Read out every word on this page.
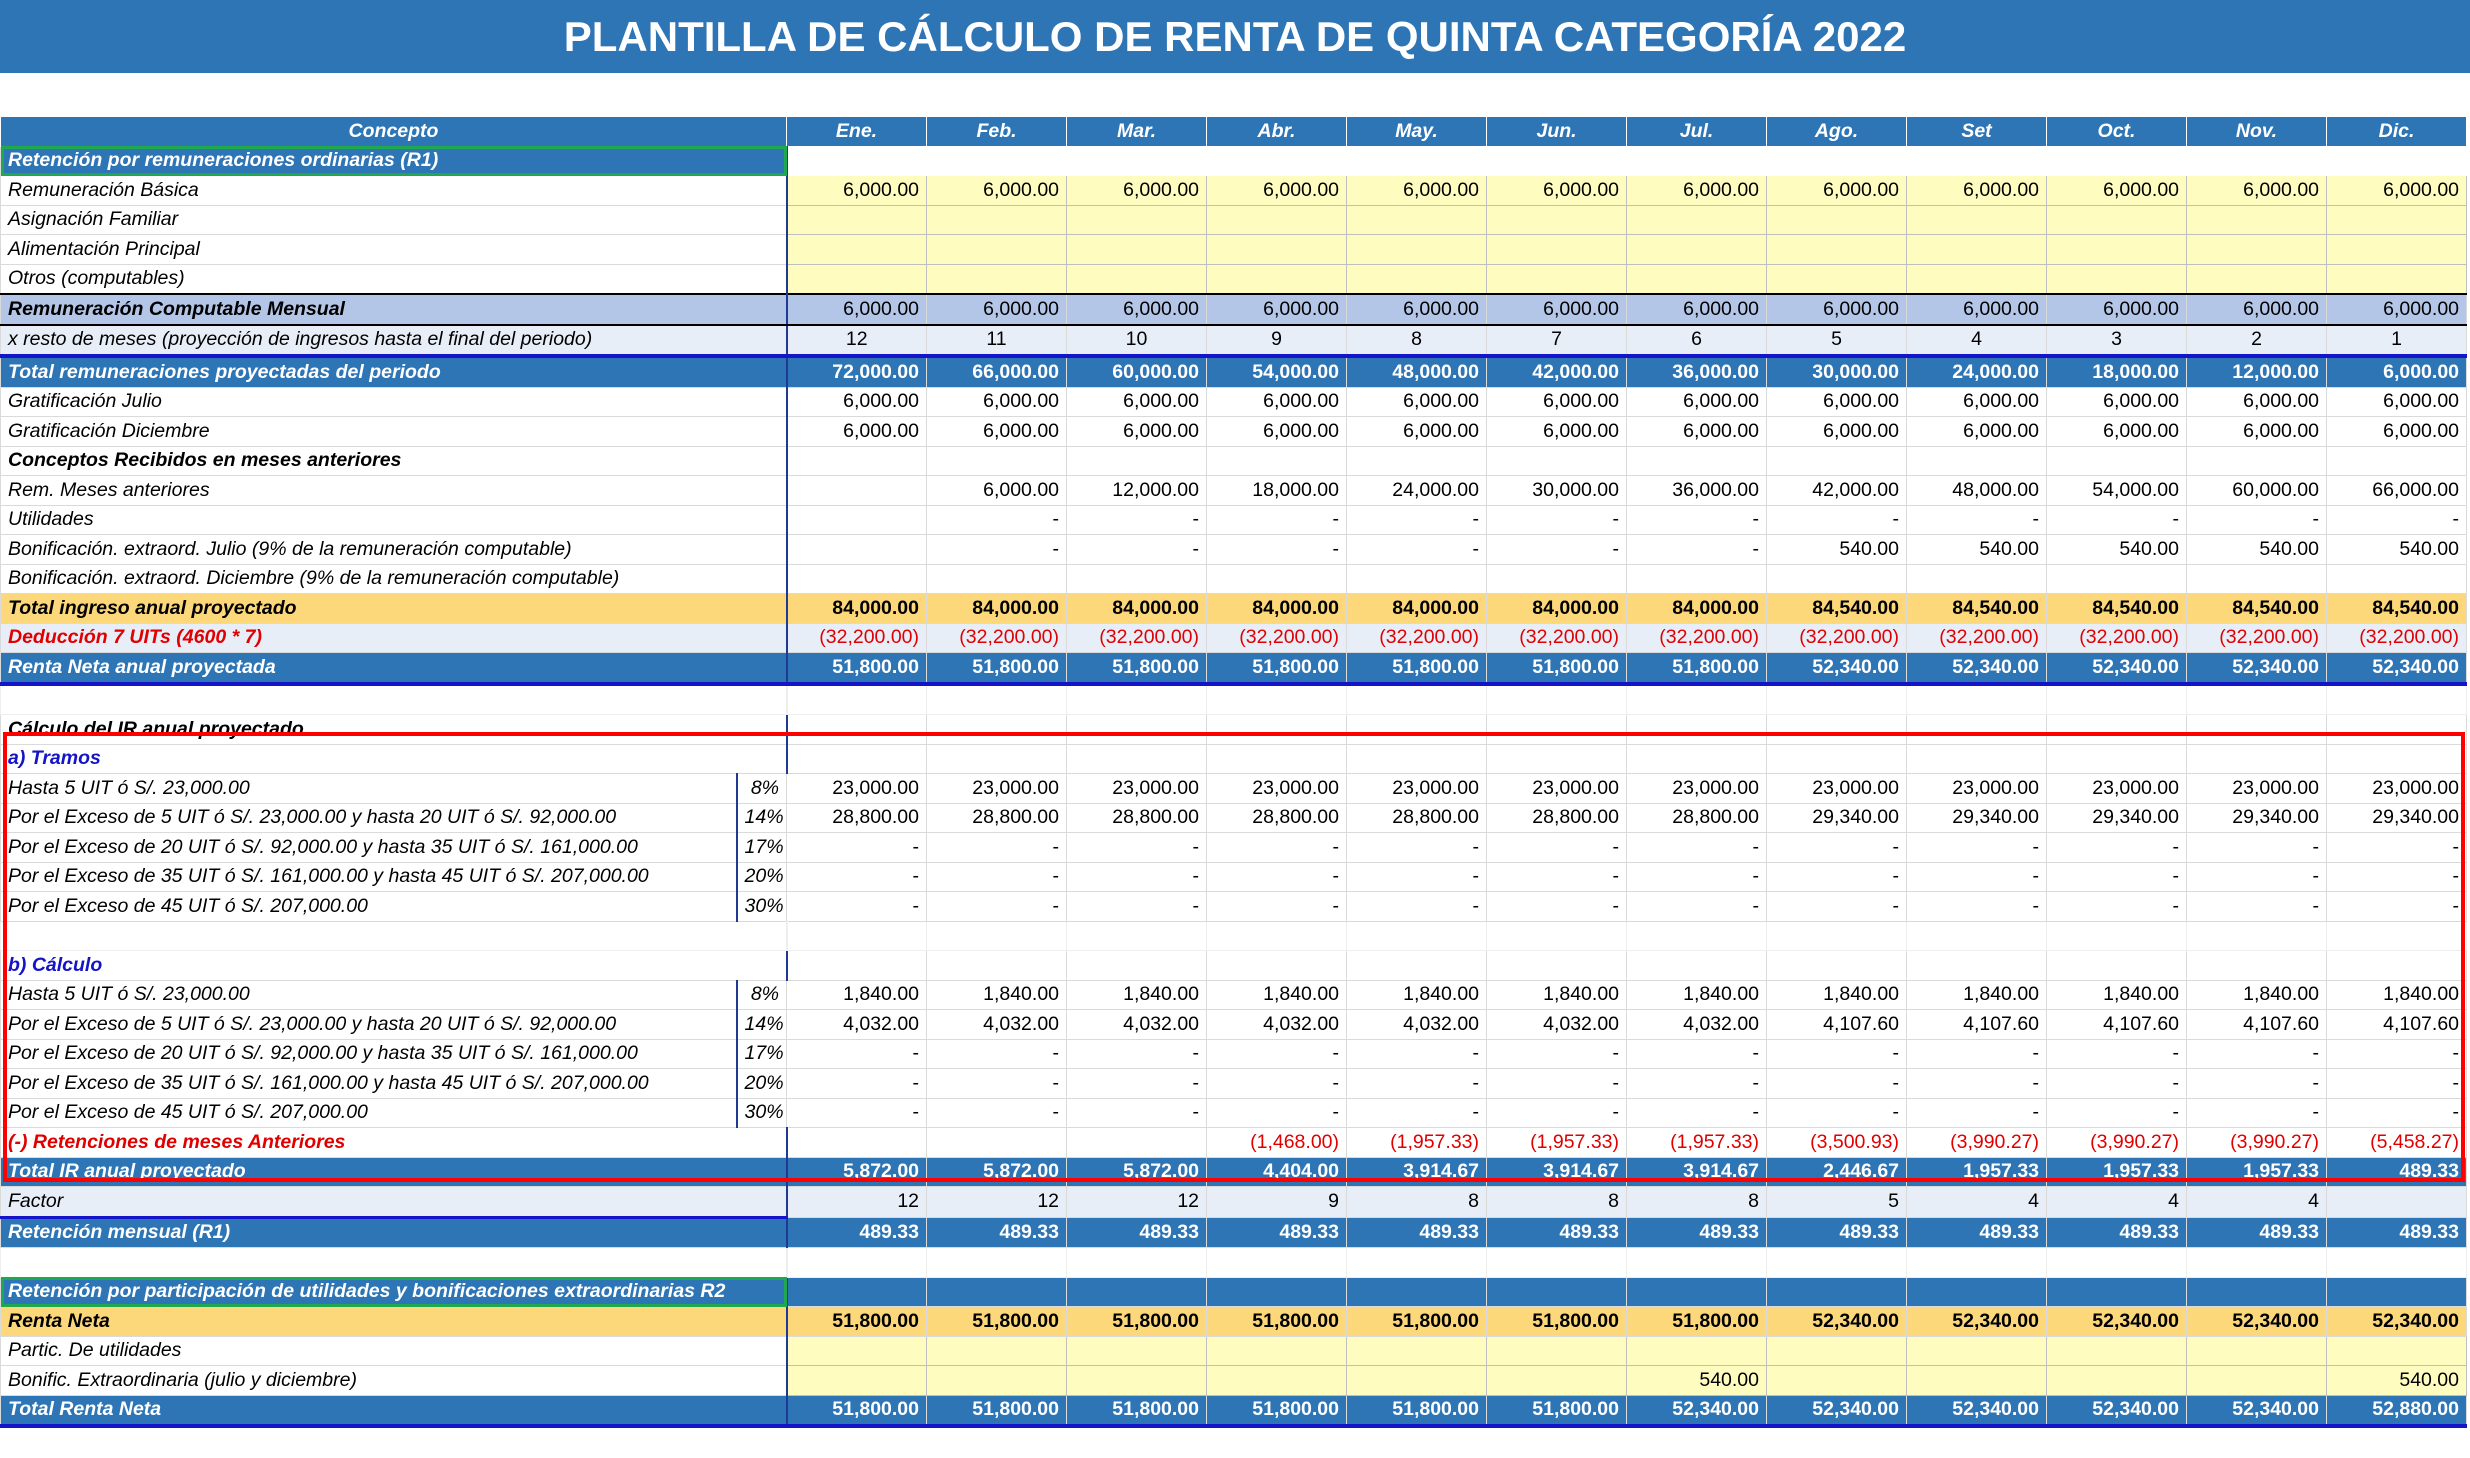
PLANTILLA DE CÁLCULO DE RENTA DE QUINTA CATEGORÍA 2022
Concepto		Ene.	Feb.	Mar.	Abr.	May.	Jun.	Jul.	Ago.	Set	Oct.	Nov.	Dic.
Retención por remuneraciones ordinarias (R1)													
Remuneración Básica		6,000.00	6,000.00	6,000.00	6,000.00	6,000.00	6,000.00	6,000.00	6,000.00	6,000.00	6,000.00	6,000.00	6,000.00
Asignación Familiar													
Alimentación Principal													
Otros (computables)													
Remuneración Computable Mensual		6,000.00	6,000.00	6,000.00	6,000.00	6,000.00	6,000.00	6,000.00	6,000.00	6,000.00	6,000.00	6,000.00	6,000.00
x resto de meses (proyección de ingresos hasta el final del periodo)		12	11	10	9	8	7	6	5	4	3	2	1
Total remuneraciones proyectadas del periodo		72,000.00	66,000.00	60,000.00	54,000.00	48,000.00	42,000.00	36,000.00	30,000.00	24,000.00	18,000.00	12,000.00	6,000.00
Gratificación Julio		6,000.00	6,000.00	6,000.00	6,000.00	6,000.00	6,000.00	6,000.00	6,000.00	6,000.00	6,000.00	6,000.00	6,000.00
Gratificación Diciembre		6,000.00	6,000.00	6,000.00	6,000.00	6,000.00	6,000.00	6,000.00	6,000.00	6,000.00	6,000.00	6,000.00	6,000.00
Conceptos Recibidos en meses anteriores													
Rem. Meses anteriores			6,000.00	12,000.00	18,000.00	24,000.00	30,000.00	36,000.00	42,000.00	48,000.00	54,000.00	60,000.00	66,000.00
Utilidades			-	-	-	-	-	-	-	-	-	-	-
Bonificación. extraord. Julio (9% de la remuneración computable)			-	-	-	-	-	-	540.00	540.00	540.00	540.00	540.00
Bonificación. extraord. Diciembre (9% de la remuneración computable)													
Total ingreso anual proyectado		84,000.00	84,000.00	84,000.00	84,000.00	84,000.00	84,000.00	84,000.00	84,540.00	84,540.00	84,540.00	84,540.00	84,540.00
Deducción 7 UITs (4600 * 7)		(32,200.00)	(32,200.00)	(32,200.00)	(32,200.00)	(32,200.00)	(32,200.00)	(32,200.00)	(32,200.00)	(32,200.00)	(32,200.00)	(32,200.00)	(32,200.00)
Renta Neta anual proyectada		51,800.00	51,800.00	51,800.00	51,800.00	51,800.00	51,800.00	51,800.00	52,340.00	52,340.00	52,340.00	52,340.00	52,340.00

Cálculo del IR anual proyectado													
a) Tramos													
Hasta 5 UIT ó S/. 23,000.00	8%	23,000.00	23,000.00	23,000.00	23,000.00	23,000.00	23,000.00	23,000.00	23,000.00	23,000.00	23,000.00	23,000.00	23,000.00
Por el Exceso de 5 UIT ó S/. 23,000.00 y hasta 20 UIT ó S/. 92,000.00	14%	28,800.00	28,800.00	28,800.00	28,800.00	28,800.00	28,800.00	28,800.00	29,340.00	29,340.00	29,340.00	29,340.00	29,340.00
Por el Exceso de 20 UIT ó S/. 92,000.00 y hasta 35 UIT ó S/. 161,000.00	17%	-	-	-	-	-	-	-	-	-	-	-	-
Por el Exceso de 35 UIT ó S/. 161,000.00 y hasta 45 UIT ó S/. 207,000.00	20%	-	-	-	-	-	-	-	-	-	-	-	-
Por el Exceso de 45 UIT ó S/. 207,000.00	30%	-	-	-	-	-	-	-	-	-	-	-	-

b) Cálculo													
Hasta 5 UIT ó S/. 23,000.00	8%	1,840.00	1,840.00	1,840.00	1,840.00	1,840.00	1,840.00	1,840.00	1,840.00	1,840.00	1,840.00	1,840.00	1,840.00
Por el Exceso de 5 UIT ó S/. 23,000.00 y hasta 20 UIT ó S/. 92,000.00	14%	4,032.00	4,032.00	4,032.00	4,032.00	4,032.00	4,032.00	4,032.00	4,107.60	4,107.60	4,107.60	4,107.60	4,107.60
Por el Exceso de 20 UIT ó S/. 92,000.00 y hasta 35 UIT ó S/. 161,000.00	17%	-	-	-	-	-	-	-	-	-	-	-	-
Por el Exceso de 35 UIT ó S/. 161,000.00 y hasta 45 UIT ó S/. 207,000.00	20%	-	-	-	-	-	-	-	-	-	-	-	-
Por el Exceso de 45 UIT ó S/. 207,000.00	30%	-	-	-	-	-	-	-	-	-	-	-	-
(-) Retenciones de meses Anteriores					(1,468.00)	(1,957.33)	(1,957.33)	(1,957.33)	(3,500.93)	(3,990.27)	(3,990.27)	(3,990.27)	(5,458.27)
Total IR anual proyectado		5,872.00	5,872.00	5,872.00	4,404.00	3,914.67	3,914.67	3,914.67	2,446.67	1,957.33	1,957.33	1,957.33	489.33
Factor		12	12	12	9	8	8	8	5	4	4	4	
Retención mensual (R1)		489.33	489.33	489.33	489.33	489.33	489.33	489.33	489.33	489.33	489.33	489.33	489.33

Retención por participación de utilidades y bonificaciones extraordinarias R2													
Renta Neta		51,800.00	51,800.00	51,800.00	51,800.00	51,800.00	51,800.00	51,800.00	52,340.00	52,340.00	52,340.00	52,340.00	52,340.00
Partic. De utilidades													
Bonific. Extraordinaria (julio y diciembre)								540.00					540.00
Total Renta Neta		51,800.00	51,800.00	51,800.00	51,800.00	51,800.00	51,800.00	52,340.00	52,340.00	52,340.00	52,340.00	52,340.00	52,880.00
